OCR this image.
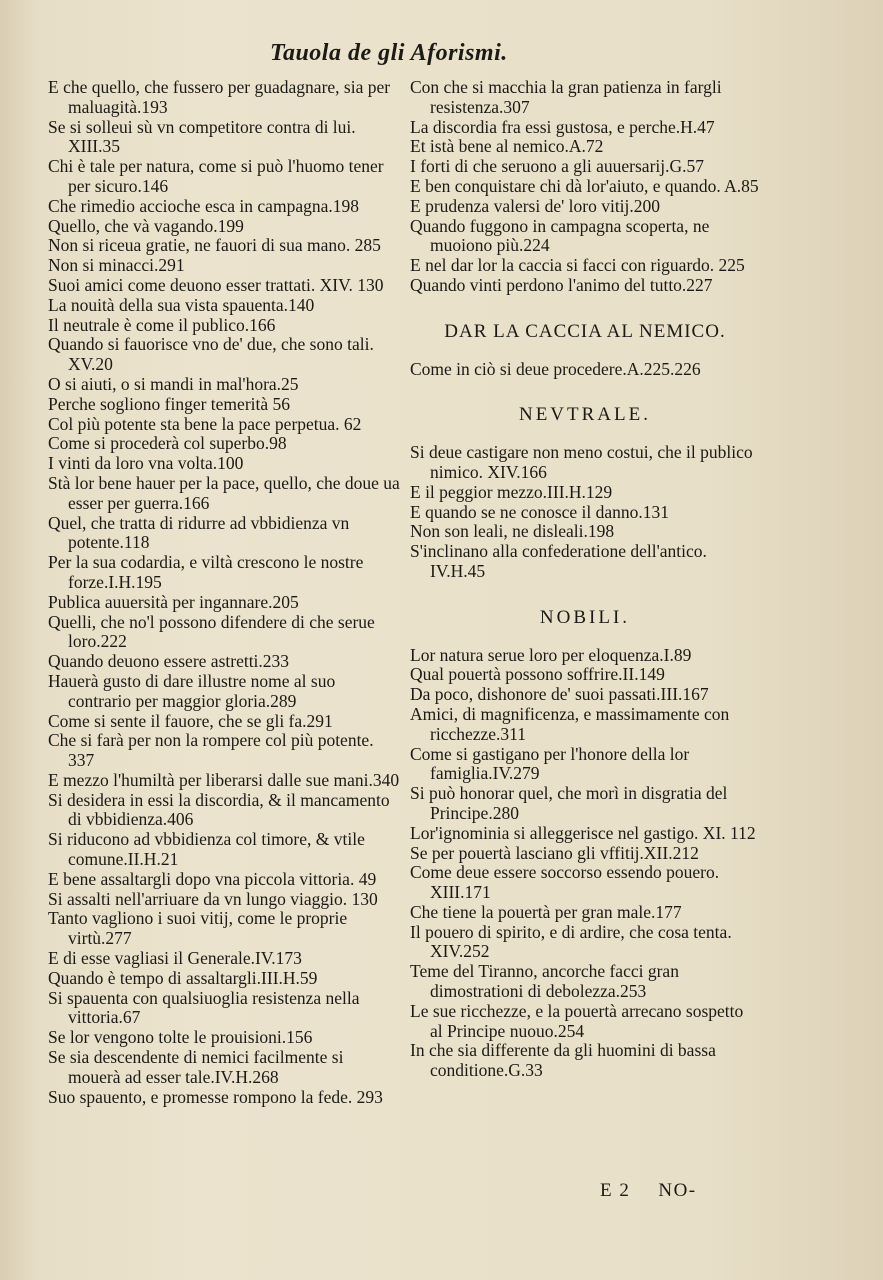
Tauola de gli Aforismi.

E che quello, che fussero per guadagnare, sia per maluagità.193

Se si solleui sù vn competitore contra di lui. XIII.35

Chi è tale per natura, come si può l'huomo tener per sicuro.146

Che rimedio accioche esca in campagna.198

Quello, che và vagando.199

Non si riceua gratie, ne fauori di sua mano. 285

Non si minacci.291

Suoi amici come deuono esser trattati. XIV. 130

La nouità della sua vista spauenta.140

Il neutrale è come il publico.166

Quando si fauorisce vno de' due, che sono tali. XV.20

O si aiuti, o si mandi in mal'hora.25

Perche sogliono finger temerità 56

Col più potente sta bene la pace perpetua. 62

Come si procederà col superbo.98

I vinti da loro vna volta.100

Stà lor bene hauer per la pace, quello, che doue ua esser per guerra.166

Quel, che tratta di ridurre ad vbbidienza vn potente.118

Per la sua codardia, e viltà crescono le nostre forze.I.H.195

Publica auuersità per ingannare.205

Quelli, che no'l possono difendere di che serue loro.222

Quando deuono essere astretti.233

Hauerà gusto di dare illustre nome al suo contrario per maggior gloria.289

Come si sente il fauore, che se gli fa.291

Che si farà per non la rompere col più potente. 337

E mezzo l'humiltà per liberarsi dalle sue mani.340

Si desidera in essi la discordia, & il mancamento di vbbidienza.406

Si riducono ad vbbidienza col timore, & vtile comune.II.H.21

E bene assaltargli dopo vna piccola vittoria. 49

Si assalti nell'arriuare da vn lungo viaggio. 130

Tanto vagliono i suoi vitij, come le proprie virtù.277

E di esse vagliasi il Generale.IV.173

Quando è tempo di assaltargli.III.H.59

Si spauenta con qualsiuoglia resistenza nella vittoria.67

Se lor vengono tolte le prouisioni.156

Se sia descendente di nemici facilmente si mouerà ad esser tale.IV.H.268

Suo spauento, e promesse rompono la fede. 293

Con che si macchia la gran patienza in fargli resistenza.307

La discordia fra essi gustosa, e perche.H.47

Et istà bene al nemico.A.72

I forti di che seruono a gli auuersarij.G.57

E ben conquistare chi dà lor'aiuto, e quando. A.85

E prudenza valersi de' loro vitij.200

Quando fuggono in campagna scoperta, ne muoiono più.224

E nel dar lor la caccia si facci con riguardo. 225

Quando vinti perdono l'animo del tutto.227

DAR LA CACCIA AL NEMICO.

Come in ciò si deue procedere.A.225.226

NEVTRALE.

Si deue castigare non meno costui, che il publico nimico. XIV.166

E il peggior mezzo.III.H.129

E quando se ne conosce il danno.131

Non son leali, ne disleali.198

S'inclinano alla confederatione dell'antico. IV.H.45

NOBILI.

Lor natura serue loro per eloquenza.I.89

Qual pouertà possono soffrire.II.149

Da poco, dishonore de' suoi passati.III.167

Amici, di magnificenza, e massimamente con ricchezze.311

Come si gastigano per l'honore della lor famiglia.IV.279

Si può honorar quel, che morì in disgratia del Principe.280

Lor'ignominia si alleggerisce nel gastigo. XI. 112

Se per pouertà lasciano gli vffitij.XII.212

Come deue essere soccorso essendo pouero. XIII.171

Che tiene la pouertà per gran male.177

Il pouero di spirito, e di ardire, che cosa tenta. XIV.252

Teme del Tiranno, ancorche facci gran dimostrationi di debolezza.253

Le sue ricchezze, e la pouertà arrecano sospetto al Principe nuouo.254

In che sia differente da gli huomini di bassa conditione.G.33

E 2 NO-
